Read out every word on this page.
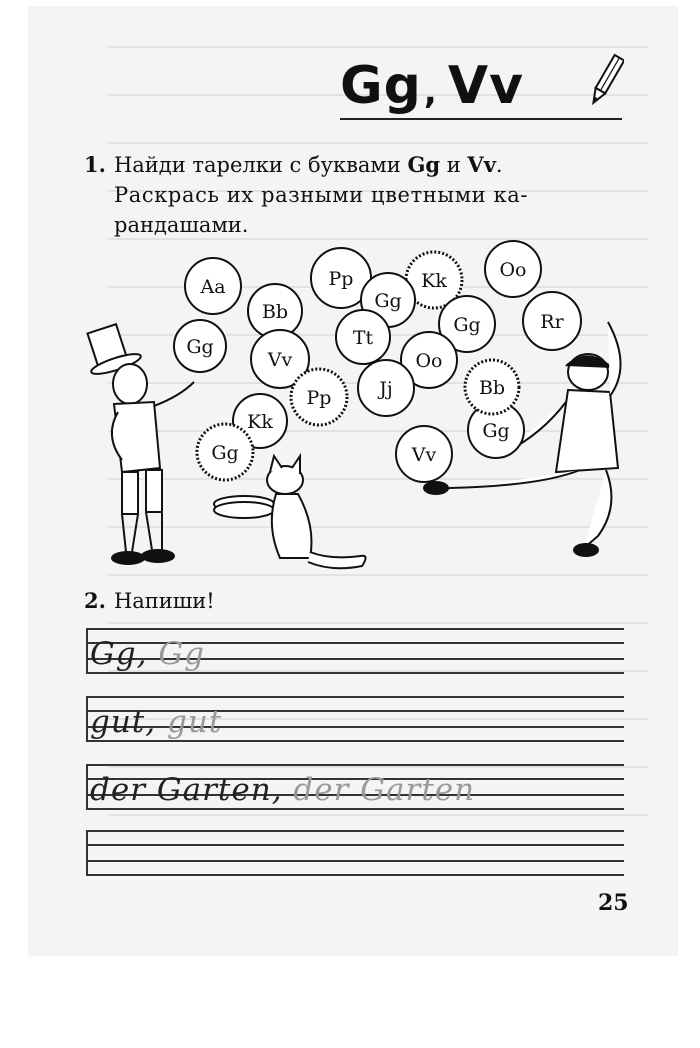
Gg, Vv
1. Найди тарелки с буквами Gg и Vv.
Раскрась их разными цветными ка-
рандашами.
Aa	Pp	Kk	Oo
Bb	Gg
Gg	Rr
Gg	Tt
Gg
Vv	Oo
Pp	Jj	Bb
Kk
Gg	Vv
2. Напиши!
Gg, Gg
gut, gut
der Garten, der Garten
25
